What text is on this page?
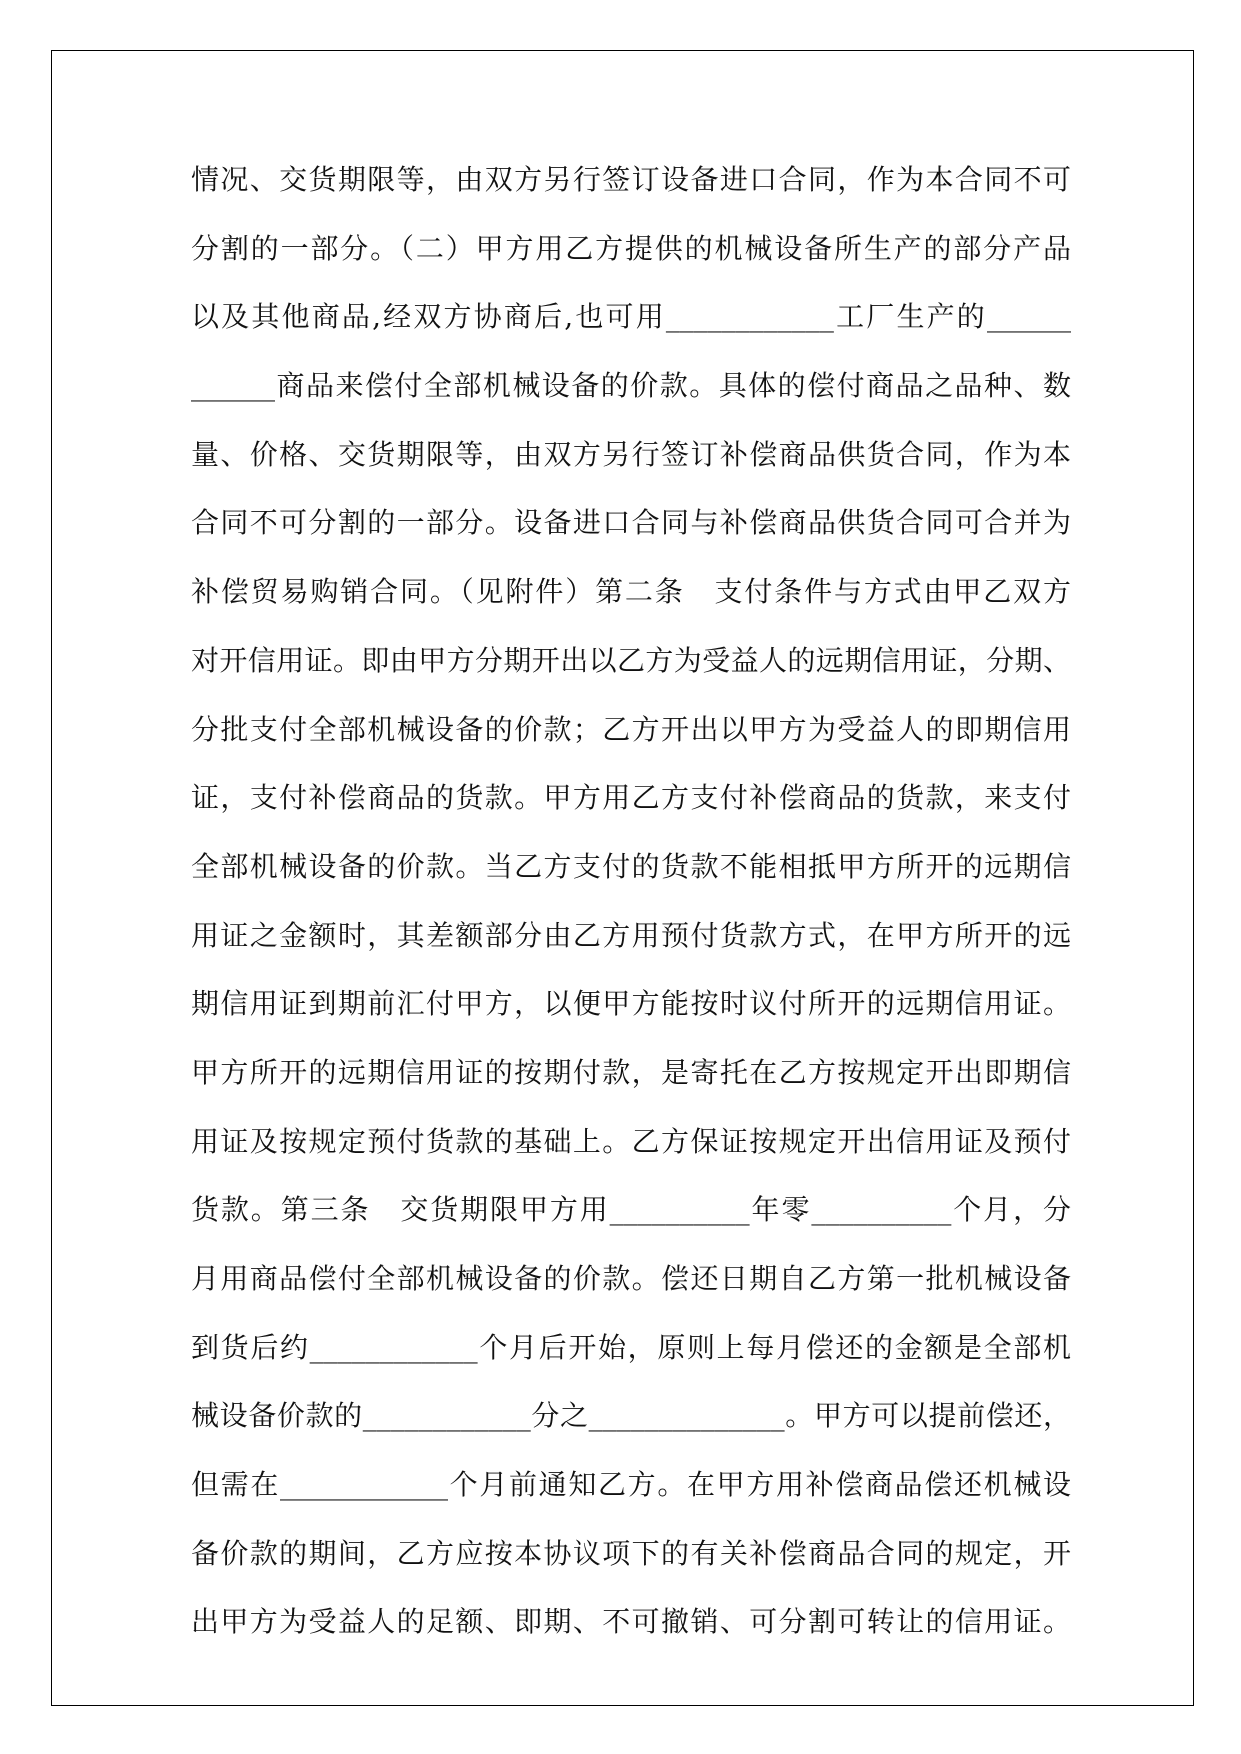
情况、交货期限等，由双方另行签订设备进口合同，作为本合同不可
分割的一部分。（二）甲方用乙方提供的机械设备所生产的部分产品
以及其他商品,经双方协商后,也可用____________工厂生产的______
______商品来偿付全部机械设备的价款。具体的偿付商品之品种、数
量、价格、交货期限等，由双方另行签订补偿商品供货合同，作为本
合同不可分割的一部分。设备进口合同与补偿商品供货合同可合并为
补偿贸易购销合同。（见附件）第二条　支付条件与方式由甲乙双方
对开信用证。即由甲方分期开出以乙方为受益人的远期信用证，分期、
分批支付全部机械设备的价款；乙方开出以甲方为受益人的即期信用
证，支付补偿商品的货款。甲方用乙方支付补偿商品的货款，来支付
全部机械设备的价款。当乙方支付的货款不能相抵甲方所开的远期信
用证之金额时，其差额部分由乙方用预付货款方式，在甲方所开的远
期信用证到期前汇付甲方，以便甲方能按时议付所开的远期信用证。
甲方所开的远期信用证的按期付款，是寄托在乙方按规定开出即期信
用证及按规定预付货款的基础上。乙方保证按规定开出信用证及预付
货款。第三条　交货期限甲方用__________年零__________个月，分
月用商品偿付全部机械设备的价款。偿还日期自乙方第一批机械设备
到货后约____________个月后开始，原则上每月偿还的金额是全部机
械设备价款的____________分之______________。甲方可以提前偿还，
但需在____________个月前通知乙方。在甲方用补偿商品偿还机械设
备价款的期间，乙方应按本协议项下的有关补偿商品合同的规定，开
出甲方为受益人的足额、即期、不可撤销、可分割可转让的信用证。
